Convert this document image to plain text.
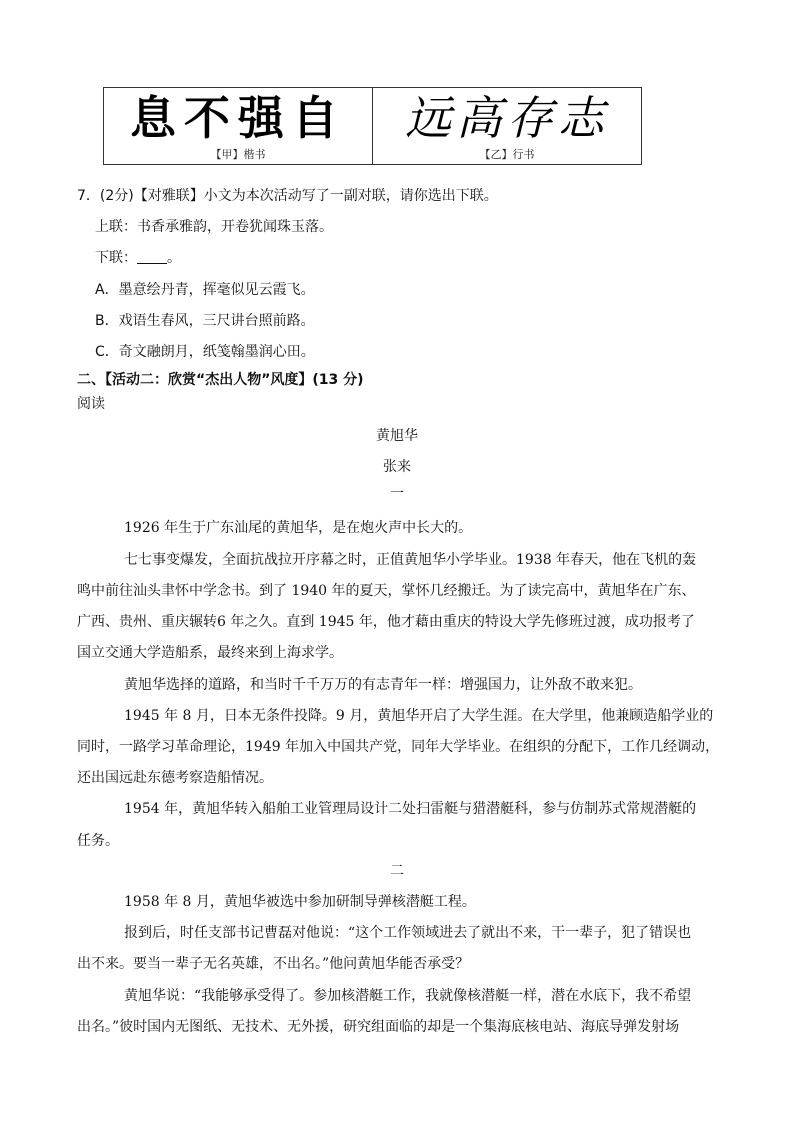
息不强自
【甲】楷书
远高存志
【乙】行书
7．(2分)【对雅联】小文为本次活动写了一副对联，请你选出下联。
上联：书香承雅韵，开卷犹闻珠玉落。
下联： 。
A．墨意绘丹青，挥毫似见云霞飞。
B．戏语生春风，三尺讲台照前路。
C．奇文融朗月，纸笺翰墨润心田。
二、【活动二：欣赏“杰出人物”风度】(13 分)
阅读
黄旭华
张来
一
1926 年生于广东汕尾的黄旭华，是在炮火声中长大的。
七七事变爆发，全面抗战拉开序幕之时，正值黄旭华小学毕业。1938 年春天，他在飞机的轰
鸣中前往汕头聿怀中学念书。到了 1940 年的夏天，掌怀几经搬迁。为了读完高中，黄旭华在广东、
广西、贵州、重庆辗转6 年之久。直到 1945 年，他才藉由重庆的特设大学先修班过渡，成功报考了
国立交通大学造船系，最终来到上海求学。
黄旭华选择的道路，和当时千千万万的有志青年一样：增强国力，让外敌不敢来犯。
1945 年 8 月，日本无条件投降。9 月，黄旭华开启了大学生涯。在大学里，他兼顾造船学业的
同时，一路学习革命理论，1949 年加入中国共产党，同年大学毕业。在组织的分配下，工作几经调动，
还出国远赴东德考察造船情况。
1954 年，黄旭华转入船舶工业管理局设计二处扫雷艇与猎潜艇科，参与仿制苏式常规潜艇的
任务。
二
1958 年 8 月，黄旭华被选中参加研制导弹核潜艇工程。
报到后，时任支部书记曹磊对他说：“这个工作领域进去了就出不来，干一辈子，犯了错误也
出不来。要当一辈子无名英雄，不出名。”他问黄旭华能否承受？
黄旭华说：“我能够承受得了。参加核潜艇工作，我就像核潜艇一样，潜在水底下，我不希望
出名。”彼时国内无图纸、无技术、无外援，研究组面临的却是一个集海底核电站、海底导弹发射场
